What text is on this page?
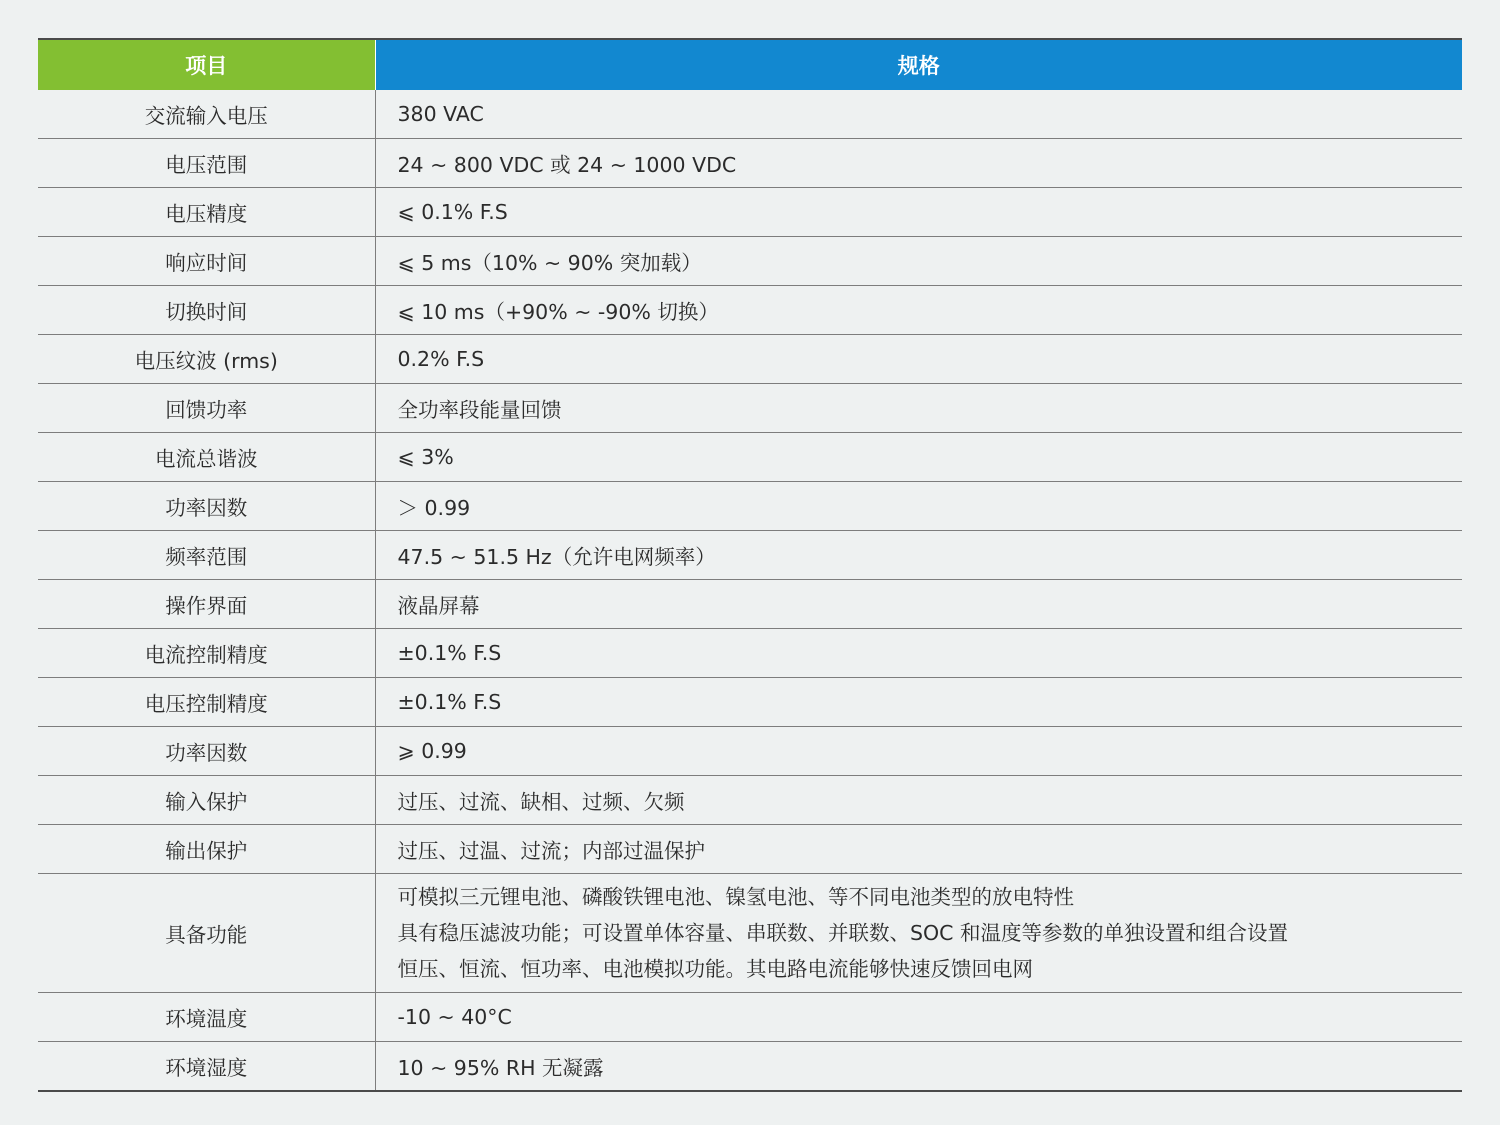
项目	规格
交流输入电压	380 VAC
电压范围	24 ~ 800 VDC 或 24 ~ 1000 VDC
电压精度	⩽ 0.1% F.S
响应时间	⩽ 5 ms（10% ~ 90% 突加载）
切换时间	⩽ 10 ms（+90% ~ -90% 切换）
电压纹波 (rms)	0.2% F.S
回馈功率	全功率段能量回馈
电流总谐波	⩽ 3%
功率因数	＞ 0.99
频率范围	47.5 ~ 51.5 Hz（允许电网频率）
操作界面	液晶屏幕
电流控制精度	±0.1% F.S
电压控制精度	±0.1% F.S
功率因数	⩾ 0.99
输入保护	过压、过流、缺相、过频、欠频
输出保护	过压、过温、过流；内部过温保护
具备功能	可模拟三元锂电池、磷酸铁锂电池、镍氢电池、等不同电池类型的放电特性
具有稳压滤波功能；可设置单体容量、串联数、并联数、SOC 和温度等参数的单独设置和组合设置
恒压、恒流、恒功率、电池模拟功能。其电路电流能够快速反馈回电网

环境温度	-10 ~ 40°C
环境湿度	10 ~ 95% RH 无凝露
